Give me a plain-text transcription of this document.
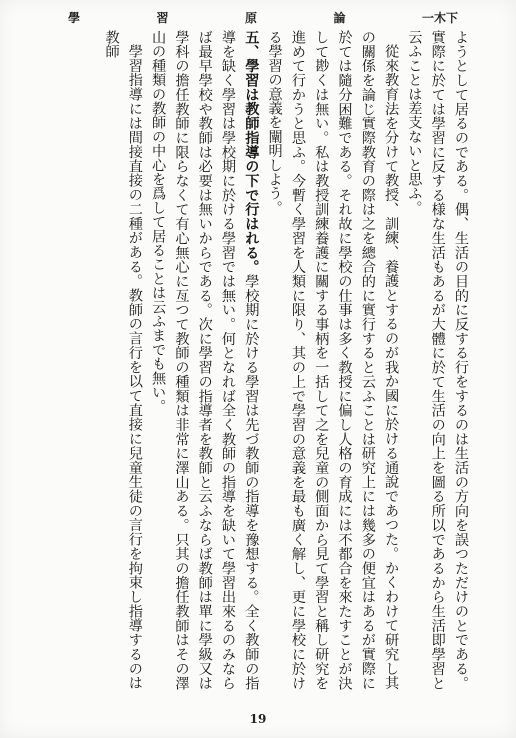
學	習	原	論	一木下

ようとして居るのである。偶、生活の目的に反する行をするのは生活の方向を誤つただけのとである。實際に於ては學習に反する様な生活もあるが大體に於て生活の向上を圖る所以であるから生活即學習と云ふことは差支ないと思ふ。

從來教育法を分けて教授、訓練、養護とするのが我か國に於ける通說であつた。かくわけて研究し其の關係を論じ實際教育の際は之を總合的に實行すると云ふことは研究上には幾多の便宜はあるが實際に於ては隨分困難である。それ故に學校の仕事は多く教授に偏し人格の育成には不都合を來たすことが決して尠くは無い。私は教授訓練養護に關する事柄を一括して之を兒童の側面から見て學習と稱し研究を進めて行かうと思ふ。今暫く學習を人類に限り、其の上で學習の意義を最も廣く解し、更に學校に於ける學習の意義を闡明しよう。

五、學習は教師指導の下で行はれる。學校期に於ける學習は先づ教師の指導を豫想する。全く教師の指導を缺く學習は學校期に於ける學習では無い。何となれば全く教師の指導を缺いて學習出來るのみならば最早學校や教師は必要は無いからである。次に學習の指導者を教師と云ふならば教師は單に學級又は學科の擔任教師に限らなくて有心無心に亙つて教師の種類は非常に澤山ある。只其の擔任教師はその澤山の種類の教師の中心を爲して居ることは云ふまでも無い。

學習指導には間接直接の二種がある。教師の言行を以て直接に兒童生徒の言行を拘束し指導するのは教師

19
